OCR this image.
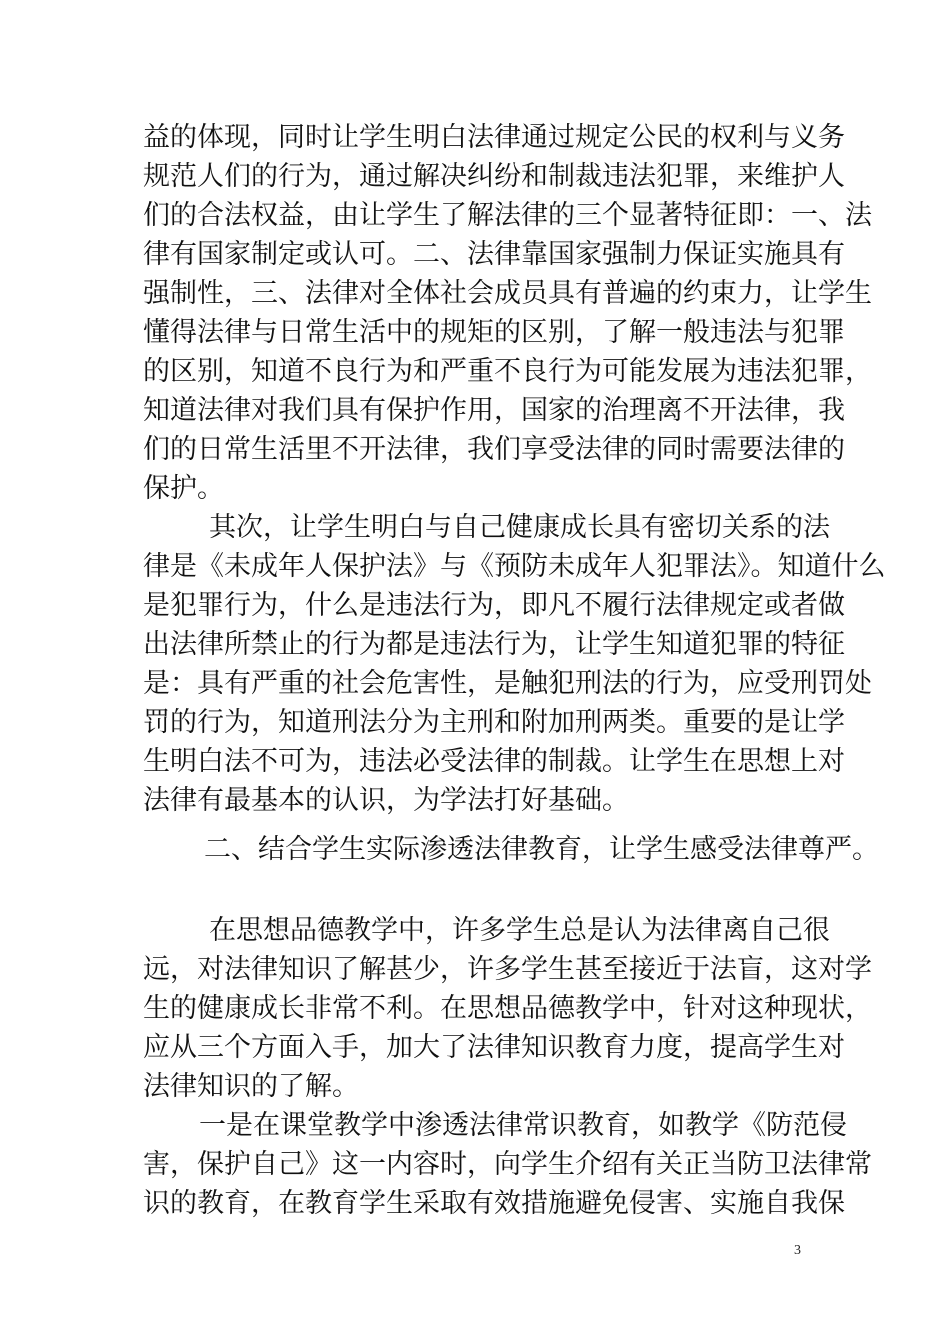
益的体现，同时让学生明白法律通过规定公民的权利与义务
规范人们的行为，通过解决纠纷和制裁违法犯罪，来维护人
们的合法权益，由让学生了解法律的三个显著特征即：一、法
律有国家制定或认可。二、法律靠国家强制力保证实施具有
强制性，三、法律对全体社会成员具有普遍的约束力，让学生
懂得法律与日常生活中的规矩的区别，了解一般违法与犯罪
的区别，知道不良行为和严重不良行为可能发展为违法犯罪，
知道法律对我们具有保护作用，国家的治理离不开法律，我
们的日常生活里不开法律，我们享受法律的同时需要法律的
保护。
其次，让学生明白与自己健康成长具有密切关系的法
律是《未成年人保护法》与《预防未成年人犯罪法》。知道什么
是犯罪行为，什么是违法行为，即凡不履行法律规定或者做
出法律所禁止的行为都是违法行为，让学生知道犯罪的特征
是：具有严重的社会危害性，是触犯刑法的行为，应受刑罚处
罚的行为，知道刑法分为主刑和附加刑两类。重要的是让学
生明白法不可为，违法必受法律的制裁。让学生在思想上对
法律有最基本的认识，为学法打好基础。
二、结合学生实际渗透法律教育，让学生感受法律尊严。
在思想品德教学中，许多学生总是认为法律离自己很
远，对法律知识了解甚少，许多学生甚至接近于法盲，这对学
生的健康成长非常不利。在思想品德教学中，针对这种现状，
应从三个方面入手，加大了法律知识教育力度，提高学生对
法律知识的了解。
一是在课堂教学中渗透法律常识教育，如教学《防范侵
害，保护自己》这一内容时，向学生介绍有关正当防卫法律常
识的教育，在教育学生采取有效措施避免侵害、实施自我保
3
